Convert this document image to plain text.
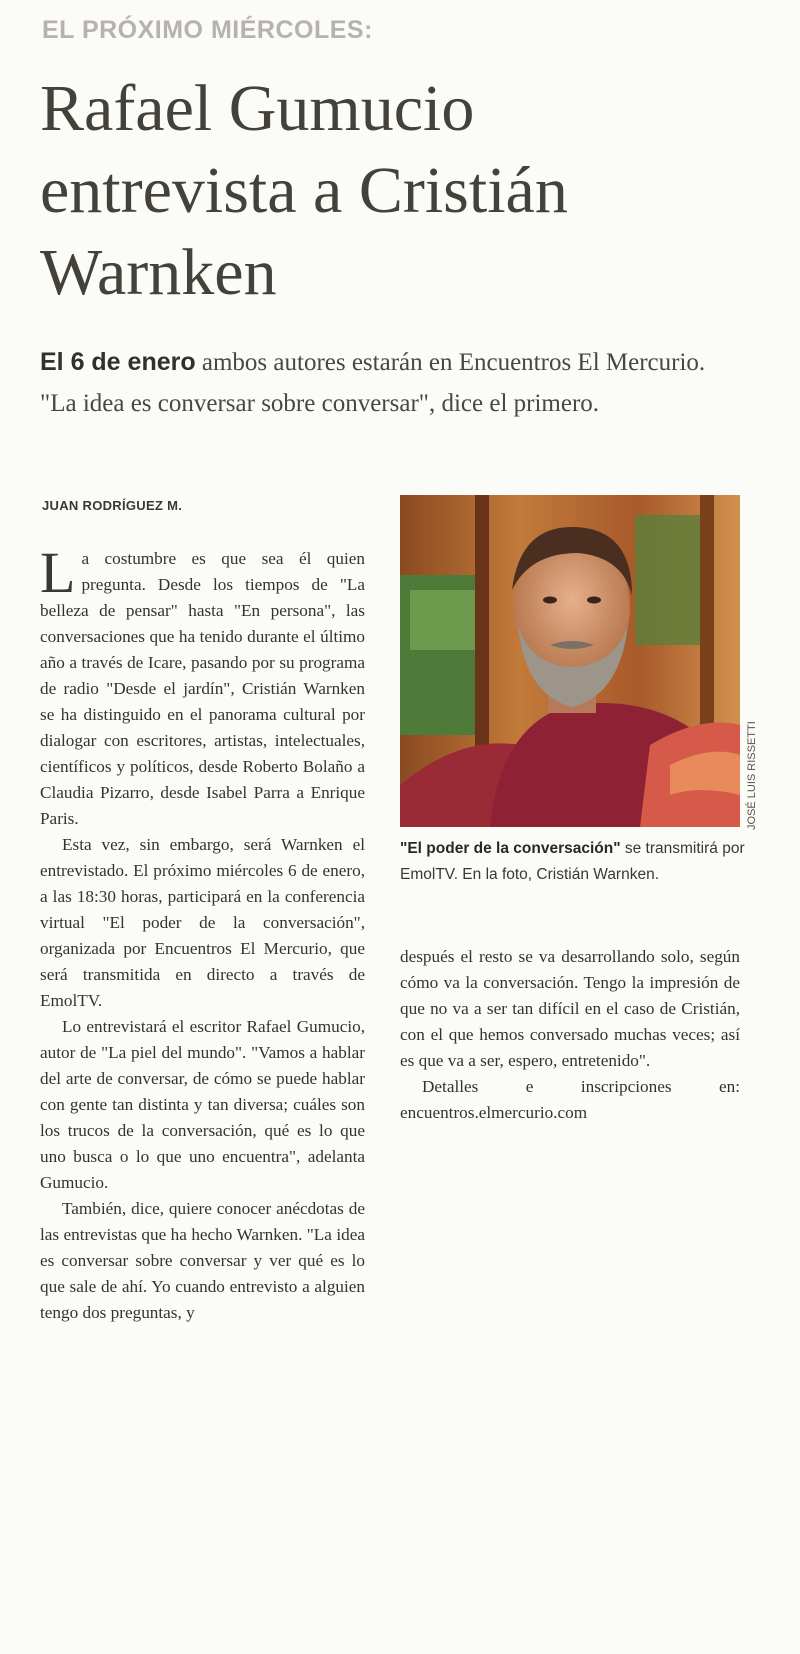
EL PRÓXIMO MIÉRCOLES:
Rafael Gumucio entrevista a Cristián Warnken
El 6 de enero ambos autores estarán en Encuentros El Mercurio. "La idea es conversar sobre conversar", dice el primero.
JUAN RODRÍGUEZ M.

La costumbre es que sea él quien pregunta. Desde los tiempos de "La belleza de pensar" hasta "En persona", las conversaciones que ha tenido durante el último año a través de Icare, pasando por su programa de radio "Desde el jardín", Cristián Warnken se ha distinguido en el panorama cultural por dialogar con escritores, artistas, intelectuales, científicos y políticos, desde Roberto Bolaño a Claudia Pizarro, desde Isabel Parra a Enrique Paris.

Esta vez, sin embargo, será Warnken el entrevistado. El próximo miércoles 6 de enero, a las 18:30 horas, participará en la conferencia virtual "El poder de la conversación", organizada por Encuentros El Mercurio, que será transmitida en directo a través de EmolTV.

Lo entrevistará el escritor Rafael Gumucio, autor de "La piel del mundo". "Vamos a hablar del arte de conversar, de cómo se puede hablar con gente tan distinta y tan diversa; cuáles son los trucos de la conversación, qué es lo que uno busca o lo que uno encuentra", adelanta Gumucio.

También, dice, quiere conocer anécdotas de las entrevistas que ha hecho Warnken. "La idea es conversar sobre conversar y ver qué es lo que sale de ahí. Yo cuando entrevisto a alguien tengo dos preguntas, y

JOSÉ LUIS RISSETTI
"El poder de la conversación" se transmitirá por EmolTV. En la foto, Cristián Warnken.

después el resto se va desarrollando solo, según cómo va la conversación. Tengo la impresión de que no va a ser tan difícil en el caso de Cristián, con el que hemos conversado muchas veces; así es que va a ser, espero, entretenido".

Detalles e inscripciones en: encuentros.elmercurio.com
